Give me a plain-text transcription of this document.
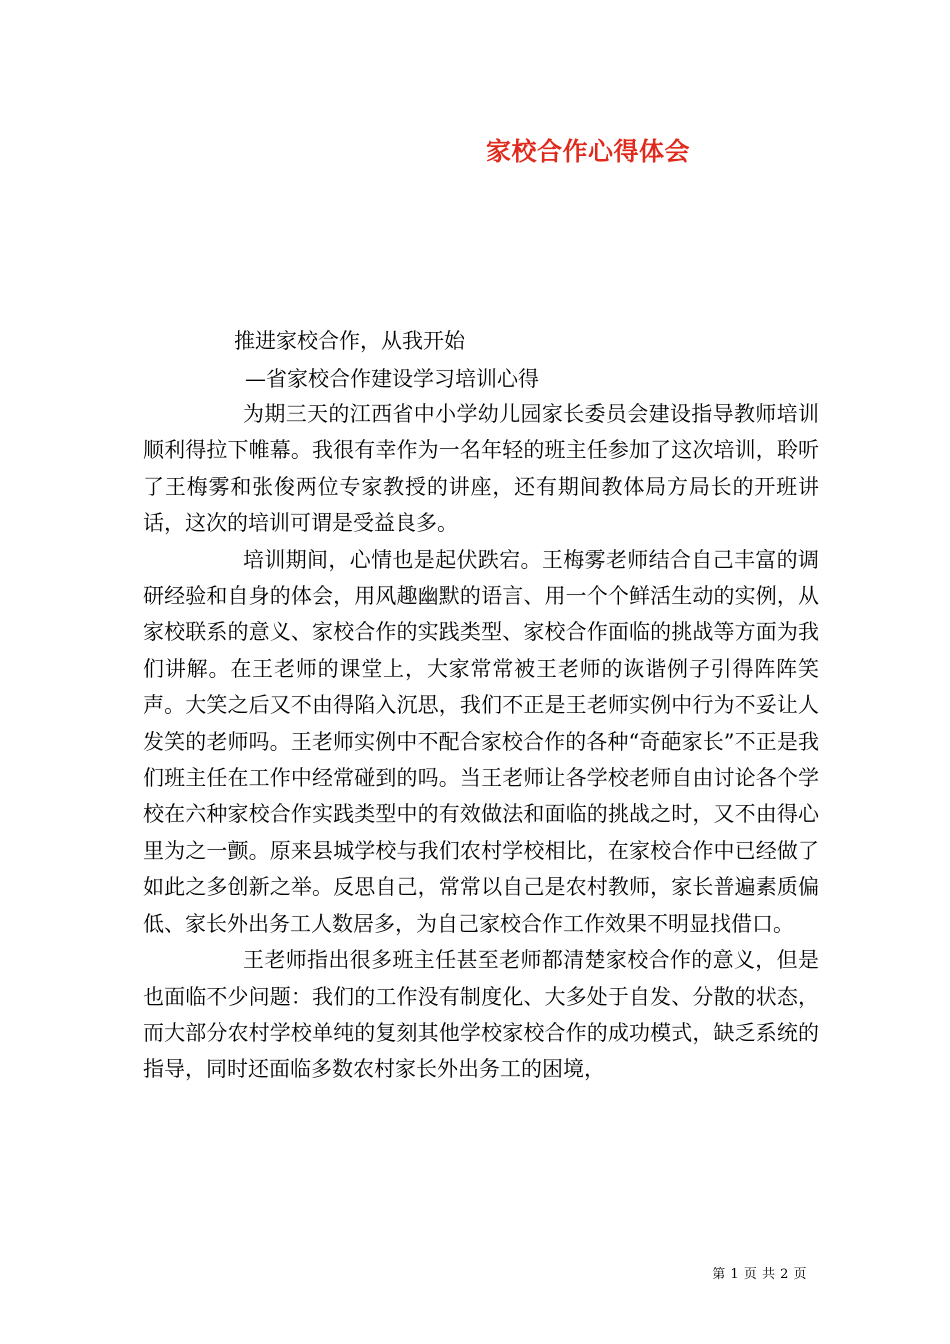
家校合作心得体会
推进家校合作，从我开始
—省家校合作建设学习培训心得

为期三天的江西省中小学幼儿园家长委员会建设指导教师培训顺利得拉下帷幕。我很有幸作为一名年轻的班主任参加了这次培训，聆听了王梅雾和张俊两位专家教授的讲座，还有期间教体局方局长的开班讲话，这次的培训可谓是受益良多。

培训期间，心情也是起伏跌宕。王梅雾老师结合自己丰富的调研经验和自身的体会，用风趣幽默的语言、用一个个鲜活生动的实例，从家校联系的意义、家校合作的实践类型、家校合作面临的挑战等方面为我们讲解。在王老师的课堂上，大家常常被王老师的诙谐例子引得阵阵笑声。大笑之后又不由得陷入沉思，我们不正是王老师实例中行为不妥让人发笑的老师吗。王老师实例中不配合家校合作的各种“奇葩家长”不正是我们班主任在工作中经常碰到的吗。当王老师让各学校老师自由讨论各个学校在六种家校合作实践类型中的有效做法和面临的挑战之时，又不由得心里为之一颤。原来县城学校与我们农村学校相比，在家校合作中已经做了如此之多创新之举。反思自己，常常以自己是农村教师，家长普遍素质偏低、家长外出务工人数居多，为自己家校合作工作效果不明显找借口。

王老师指出很多班主任甚至老师都清楚家校合作的意义，但是也面临不少问题：我们的工作没有制度化、大多处于自发、分散的状态，而大部分农村学校单纯的复刻其他学校家校合作的成功模式，缺乏系统的指导，同时还面临多数农村家长外出务工的困境，

第 1 页 共 2 页
